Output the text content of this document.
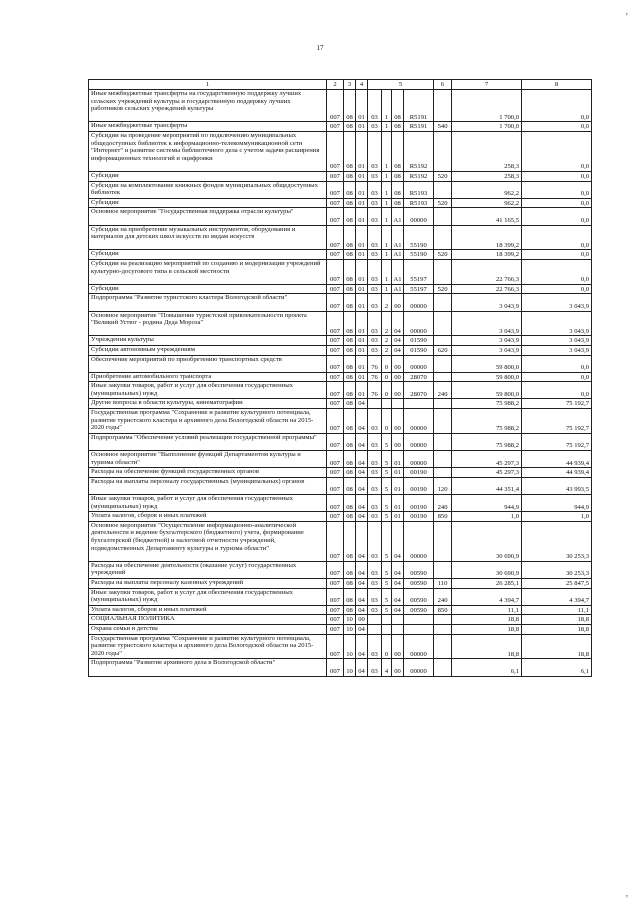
17
,
,
1	2	3	4	5				6	7	8
Иные межбюджетные трансферты на государственную поддержку лучших сельских учреждений культуры и государственную поддержку лучших работников сельских учреждений культуры	007	08	01	03	1	08	R5191		1 700,0	0,0
Иные межбюджетные трансферты	007	08	01	03	1	08	R5191	540	1 700,0	0,0
Субсидии на проведение мероприятий по подключению муниципальных общедоступных библиотек к информационно-телекоммуникационной сети "Интернет" и развитие системы библиотечного дела с учетом задачи расширения информационных технологий и оцифровки	007	08	01	03	1	08	R5192		258,3	0,0
Субсидии	007	08	01	03	1	08	R5192	520	258,3	0,0
Субсидии на комплектование книжных фондов муниципальных общедоступных библиотек	007	08	01	03	1	08	R5193		962,2	0,0
Субсидии	007	08	01	03	1	08	R5193	520	962,2	0,0
Основное мероприятие "Государственная поддержка отрасли культуры"	007	08	01	03	1	A1	00000		41 165,5	0,0
Субсидии на приобретение музыкальных инструментов, оборудования и материалов для детских школ искусств по видам искусств	007	08	01	03	1	A1	55190		18 399,2	0,0
Субсидии	007	08	01	03	1	A1	55190	520	18 399,2	0,0
Субсидии на реализацию мероприятий по созданию и модернизации учреждений культурно-досугового типа в сельской местности	007	08	01	03	1	A1	55197		22 766,3	0,0
Субсидии	007	08	01	03	1	A1	55197	520	22 766,3	0,0
Подпрограмма "Развитие туристского кластера Вологодской области"	007	08	01	03	2	00	00000		3 043,9	3 043,9
Основное мероприятие "Повышение туристской привлекательности проекта "Великий Устюг - родина Деда Мороза"	007	08	01	03	2	04	00000		3 043,9	3 043,9
Учреждения культуры	007	08	01	03	2	04	01590		3 043,9	3 043,9
Субсидии автономным учреждениям	007	08	01	03	2	04	01590	620	3 043,9	3 043,9
Обеспечение мероприятий по приобретению транспортных средств	007	08	01	76	0	00	00000		59 800,0	0,0
Приобретение автомобильного транспорта	007	08	01	76	0	00	28070		59 800,0	0,0
Иные закупки товаров, работ и услуг для обеспечения государственных (муниципальных) нужд	007	08	01	76	0	00	28070	240	59 800,0	0,0
Другие вопросы в области культуры, кинематографии	007	08	04						75 988,2	75 192,7
Государственная программа "Сохранение и развитие культурного потенциала, развитие туристского кластера и архивного дела Вологодской области на 2015-2020 годы"	007	08	04	03	0	00	00000		75 988,2	75 192,7
Подпрограмма "Обеспечение условий реализации государственной программы"	007	08	04	03	5	00	00000		75 988,2	75 192,7
Основное мероприятие "Выполнение функций Департаментом культуры и туризма области"	007	08	04	03	5	01	00000		45 297,3	44 939,4
Расходы на обеспечение функций государственных органов	007	08	04	03	5	01	00190		45 297,3	44 939,4
Расходы на выплаты персоналу государственных (муниципальных) органов	007	08	04	03	5	01	00190	120	44 351,4	43 993,5
Иные закупки товаров, работ и услуг для обеспечения государственных (муниципальных) нужд	007	08	04	03	5	01	00190	240	944,9	944,9
Уплата налогов, сборов и иных платежей	007	08	04	03	5	01	00190	850	1,0	1,0
Основное мероприятие "Осуществление информационно-аналитической деятельности и ведение бухгалтерского (бюджетного) учета, формирование бухгалтерской (бюджетной) и налоговой отчетности учреждений, подведомственных Департаменту культуры и туризма области"	007	08	04	03	5	04	00000		30 690,9	30 253,3
Расходы на обеспечение деятельности (оказание услуг) государственных учреждений	007	08	04	03	5	04	00590		30 690,9	30 253,3
Расходы на выплаты персоналу казенных учреждений	007	08	04	03	5	04	00590	110	26 285,1	25 847,5
Иные закупки товаров, работ и услуг для обеспечения государственных (муниципальных) нужд	007	08	04	03	5	04	00590	240	4 394,7	4 394,7
Уплата налогов, сборов и иных платежей	007	08	04	03	5	04	00590	850	11,1	11,1
СОЦИАЛЬНАЯ ПОЛИТИКА	007	10	00						18,8	18,8
Охрана семьи и детства	007	10	04						18,8	18,8
Государственная программа "Сохранение и развитие культурного потенциала, развитие туристского кластера и архивного дела Вологодской области на 2015-2020 годы"	007	10	04	03	0	00	00000		18,8	18,8
Подпрограмма "Развитие архивного дела в Вологодской области"	007	10	04	03	4	00	00000		6,1	6,1
